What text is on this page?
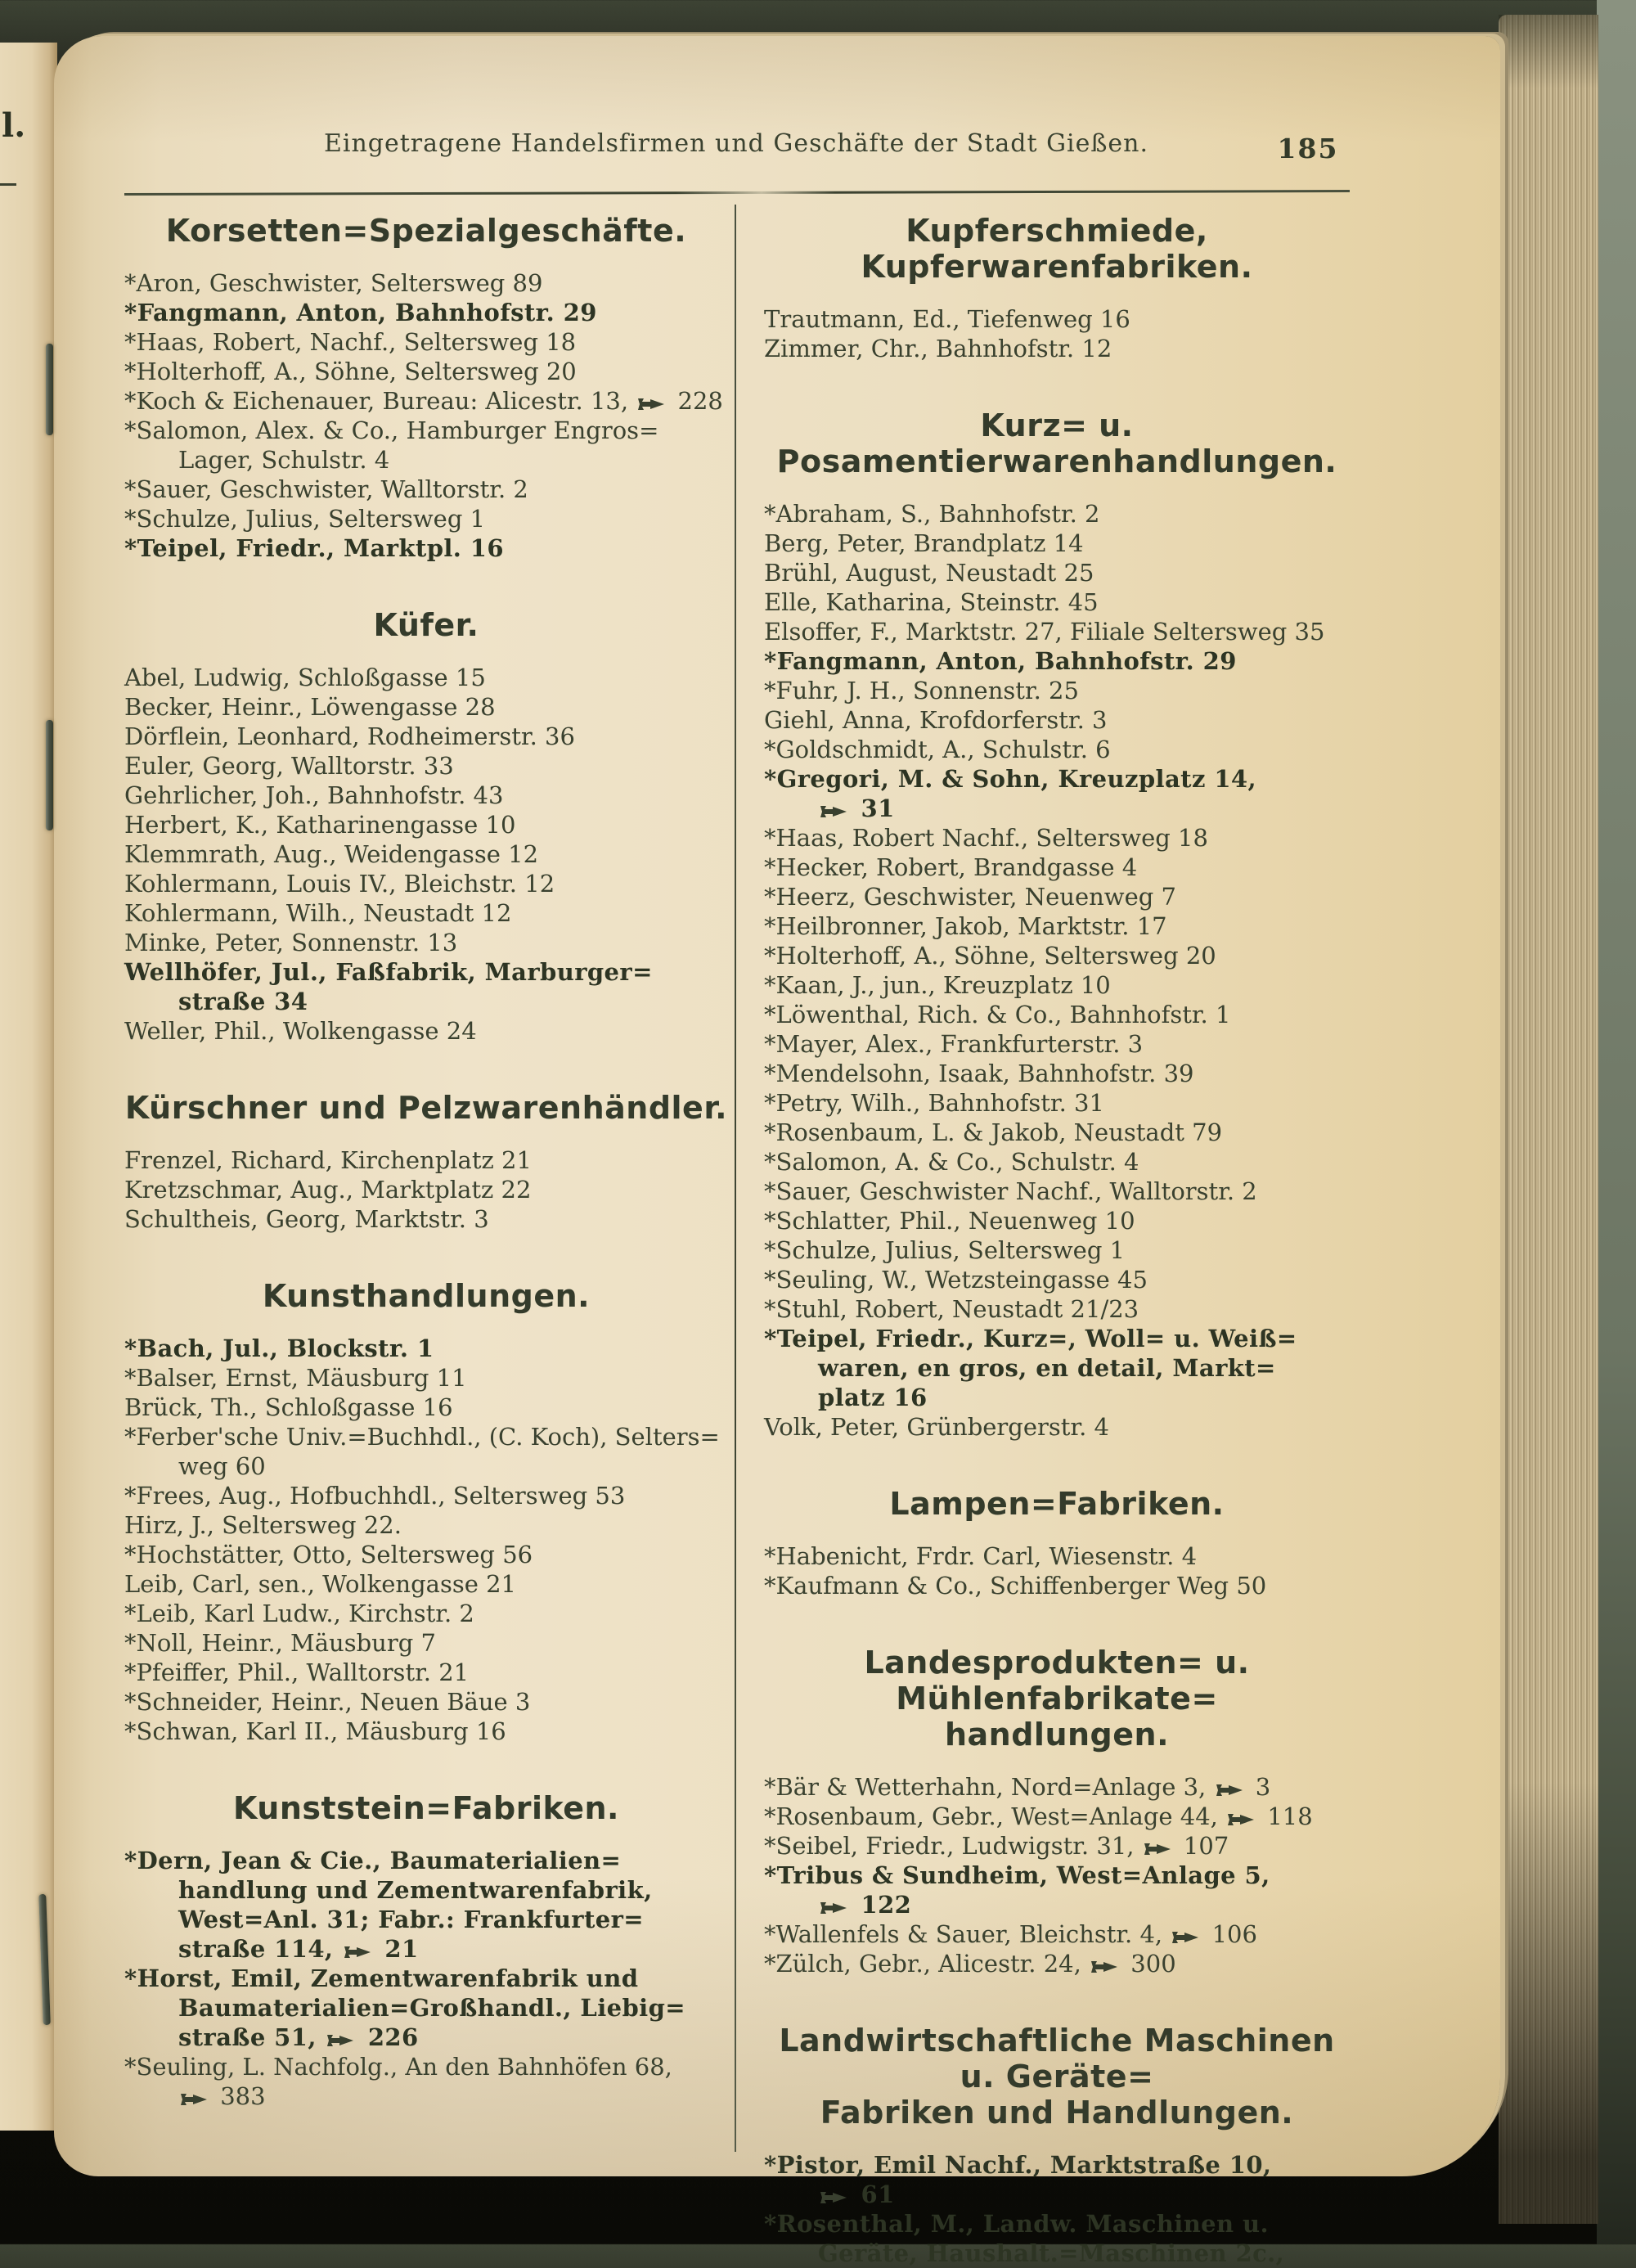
l.	Eingetragene Handelsfirmen und Geschäfte der Stadt Gießen.	185
Korsetten=Spezialgeschäfte.

*Aron, Geschwister, Seltersweg 89

*Fangmann, Anton, Bahnhofstr. 29

*Haas, Robert, Nachf., Seltersweg 18

*Holterhoff, A., Söhne, Seltersweg 20

*Koch & Eichenauer, Bureau: Alicestr. 13,
228

*Salomon, Alex. & Co., Hamburger Engros=
Lager, Schulstr. 4

*Sauer, Geschwister, Walltorstr. 2

*Schulze, Julius, Seltersweg 1

*Teipel, Friedr., Marktpl. 16

Küfer.

Abel, Ludwig, Schloßgasse 15

Becker, Heinr., Löwengasse 28

Dörflein, Leonhard, Rodheimerstr. 36

Euler, Georg, Walltorstr. 33

Gehrlicher, Joh., Bahnhofstr. 43

Herbert, K., Katharinengasse 10

Klemmrath, Aug., Weidengasse 12

Kohlermann, Louis IV., Bleichstr. 12

Kohlermann, Wilh., Neustadt 12

Minke, Peter, Sonnenstr. 13

Wellhöfer, Jul., Faßfabrik, Marburger=
straße 34

Weller, Phil., Wolkengasse 24

Kürschner und Pelzwarenhändler.

Frenzel, Richard, Kirchenplatz 21

Kretzschmar, Aug., Marktplatz 22

Schultheis, Georg, Marktstr. 3

Kunsthandlungen.

*Bach, Jul., Blockstr. 1

*Balser, Ernst, Mäusburg 11

Brück, Th., Schloßgasse 16

*Ferber'sche Univ.=Buchhdl., (C. Koch), Selters=
weg 60

*Frees, Aug., Hofbuchhdl., Seltersweg 53

Hirz, J., Seltersweg 22.

*Hochstätter, Otto, Seltersweg 56

Leib, Carl, sen., Wolkengasse 21

*Leib, Karl Ludw., Kirchstr. 2

*Noll, Heinr., Mäusburg 7

*Pfeiffer, Phil., Walltorstr. 21

*Schneider, Heinr., Neuen Bäue 3

*Schwan, Karl II., Mäusburg 16

Kunststein=Fabriken.

*Dern, Jean & Cie., Baumaterialien=
handlung und Zementwarenfabrik,
West=Anl. 31; Fabr.: Frankfurter=
straße 114,
21

*Horst, Emil, Zementwarenfabrik und
Baumaterialien=Großhandl., Liebig=
straße 51,
226

*Seuling, L. Nachfolg., An den Bahnhöfen 68,
383

Kupferschmiede, Kupferwarenfabriken.

Trautmann, Ed., Tiefenweg 16

Zimmer, Chr., Bahnhofstr. 12

Kurz= u. Posamentierwarenhandlungen.

*Abraham, S., Bahnhofstr. 2

Berg, Peter, Brandplatz 14

Brühl, August, Neustadt 25

Elle, Katharina, Steinstr. 45

Elsoffer, F., Marktstr. 27, Filiale Seltersweg 35

*Fangmann, Anton, Bahnhofstr. 29

*Fuhr, J. H., Sonnenstr. 25

Giehl, Anna, Krofdorferstr. 3

*Goldschmidt, A., Schulstr. 6

*Gregori, M. & Sohn, Kreuzplatz 14,
31

*Haas, Robert Nachf., Seltersweg 18

*Hecker, Robert, Brandgasse 4

*Heerz, Geschwister, Neuenweg 7

*Heilbronner, Jakob, Marktstr. 17

*Holterhoff, A., Söhne, Seltersweg 20

*Kaan, J., jun., Kreuzplatz 10

*Löwenthal, Rich. & Co., Bahnhofstr. 1

*Mayer, Alex., Frankfurterstr. 3

*Mendelsohn, Isaak, Bahnhofstr. 39

*Petry, Wilh., Bahnhofstr. 31

*Rosenbaum, L. & Jakob, Neustadt 79

*Salomon, A. & Co., Schulstr. 4

*Sauer, Geschwister Nachf., Walltorstr. 2

*Schlatter, Phil., Neuenweg 10

*Schulze, Julius, Seltersweg 1

*Seuling, W., Wetzsteingasse 45

*Stuhl, Robert, Neustadt 21/23

*Teipel, Friedr., Kurz=, Woll= u. Weiß=
waren, en gros, en detail, Markt=
platz 16

Volk, Peter, Grünbergerstr. 4

Lampen=Fabriken.

*Habenicht, Frdr. Carl, Wiesenstr. 4

*Kaufmann & Co., Schiffenberger Weg 50

Landesprodukten= u. Mühlenfabrikate=
handlungen.

*Bär & Wetterhahn, Nord=Anlage 3,
3

*Rosenbaum, Gebr., West=Anlage 44,
118

*Seibel, Friedr., Ludwigstr. 31,
107

*Tribus & Sundheim, West=Anlage 5,
122

*Wallenfels & Sauer, Bleichstr. 4,
106

*Zülch, Gebr., Alicestr. 24,
300

Landwirtschaftliche Maschinen u. Geräte=
Fabriken und Handlungen.

*Pistor, Emil Nachf., Marktstraße 10,
61

*Rosenthal, M., Landw. Maschinen u.
Geräte, Haushalt.=Maschinen 2c.,
